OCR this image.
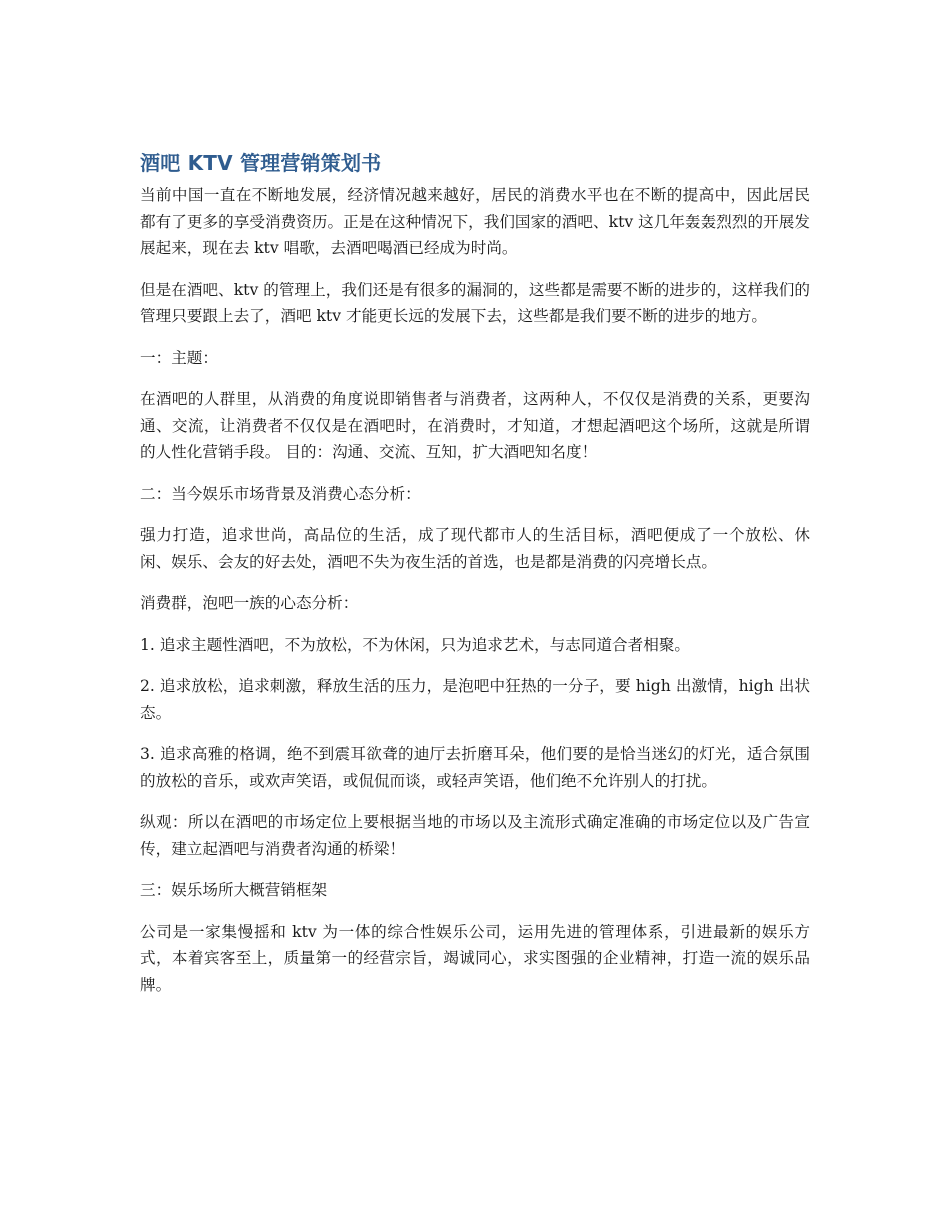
酒吧 KTV 管理营销策划书

当前中国一直在不断地发展，经济情况越来越好，居民的消费水平也在不断的提高中，因此居民都有了更多的享受消费资历。正是在这种情况下，我们国家的酒吧、ktv 这几年轰轰烈烈的开展发展起来，现在去 ktv 唱歌，去酒吧喝酒已经成为时尚。

但是在酒吧、ktv 的管理上，我们还是有很多的漏洞的，这些都是需要不断的进步的，这样我们的管理只要跟上去了，酒吧 ktv 才能更长远的发展下去，这些都是我们要不断的进步的地方。

一：主题：

在酒吧的人群里，从消费的角度说即销售者与消费者，这两种人，不仅仅是消费的关系，更要沟通、交流，让消费者不仅仅是在酒吧时，在消费时，才知道，才想起酒吧这个场所，这就是所谓的人性化营销手段。 目的：沟通、交流、互知，扩大酒吧知名度！

二：当今娱乐市场背景及消费心态分析：

强力打造，追求世尚，高品位的生活，成了现代都市人的生活目标，酒吧便成了一个放松、休闲、娱乐、会友的好去处，酒吧不失为夜生活的首选，也是都是消费的闪亮增长点。

消费群，泡吧一族的心态分析：

1. 追求主题性酒吧，不为放松，不为休闲，只为追求艺术，与志同道合者相聚。

2. 追求放松，追求刺激，释放生活的压力，是泡吧中狂热的一分子，要 high 出激情，high 出状态。

3. 追求高雅的格调，绝不到震耳欲聋的迪厅去折磨耳朵，他们要的是恰当迷幻的灯光，适合氛围的放松的音乐，或欢声笑语，或侃侃而谈，或轻声笑语，他们绝不允许别人的打扰。

纵观：所以在酒吧的市场定位上要根据当地的市场以及主流形式确定准确的市场定位以及广告宣传，建立起酒吧与消费者沟通的桥梁！

三：娱乐场所大概营销框架

公司是一家集慢摇和 ktv 为一体的综合性娱乐公司，运用先进的管理体系，引进最新的娱乐方式，本着宾客至上，质量第一的经营宗旨，竭诚同心，求实图强的企业精神，打造一流的娱乐品牌。
